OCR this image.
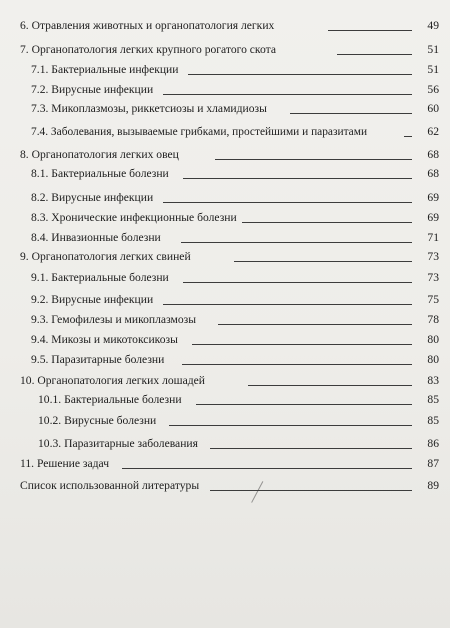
6. Отравления животных и органопатология легких	49
7. Органопатология легких крупного рогатого скота	51
7.1. Бактериальные инфекции	51
7.2. Вирусные инфекции	56
7.3. Микоплазмозы, риккетсиозы и хламидиозы	60
7.4. Заболевания, вызываемые грибками, простейшими и паразитами	62
8. Органопатология легких овец	68
8.1. Бактериальные болезни	68
8.2. Вирусные инфекции	69
8.3. Хронические инфекционные болезни	69
8.4. Инвазионные болезни	71
9. Органопатология легких свиней	73
9.1. Бактериальные болезни	73
9.2. Вирусные инфекции	75
9.3. Гемофилезы и микоплазмозы	78
9.4. Микозы и микотоксикозы	80
9.5. Паразитарные болезни	80
10. Органопатология легких лошадей	83
10.1. Бактериальные болезни	85
10.2. Вирусные болезни	85
10.3. Паразитарные заболевания	86
11. Решение задач	87
Список использованной литературы	89
